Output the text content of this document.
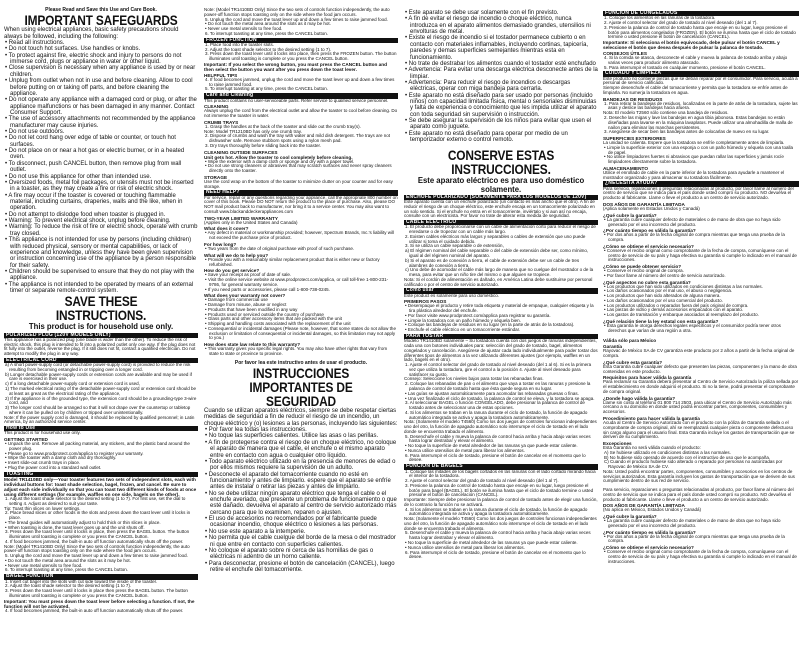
Please Read and Save this Use and Care Book.
IMPORTANT SAFEGUARDS
When using electrical appliances, basic safety precautions should always be followed, including the following:
• Read all instructions.
• Do not touch hot surfaces. Use handles or knobs.
• To protect against fire, electric shock and injury to persons do not immerse cord, plugs or appliance in water or other liquid.
• Close supervision is necessary when any appliance is used by or near children.
• Unplug from outlet when not in use and before cleaning. Allow to cool before putting on or taking off parts, and before cleaning the appliance.
• Do not operate any appliance with a damaged cord or plug, or after the appliance malfunctions or has been damaged in any manner. Contact Consumer Support.
• The use of accessory attachments not recommended by the appliance manufacturer may cause injuries.
• Do not use outdoors.
• Do not let cord hang over edge of table or counter, or touch hot surfaces.
• Do not place on or near a hot gas or electric burner, or in a heated oven.
• To disconnect, push CANCEL button, then remove plug from wall outlet.
• Do not use this appliance for other than intended use.
• Oversized foods, metal foil packages, or utensils must not be inserted in a toaster, as they may create a fire or risk of electric shock.
• A fire may occur if the toaster is covered or touching flammable material, including curtains, draperies, walls and the like, when in operation.
• Do not attempt to dislodge food when toaster is plugged in.
• Warning: To prevent electrical shock, unplug before cleaning.
• Warning: To reduce the risk of fire or electric shock, operate with crumb tray closed.
• This appliance is not intended for use by persons (including children) with reduced physical, sensory or mental capabilities, or lack of experience and knowledge, unless they have been given supervision or instruction concerning use of the appliance by a person responsible for their safety.
• Children should be supervised to ensure that they do not play with the appliance.
• The appliance is not intended to be operated by means of an external timer or separate remote-control system.
SAVE THESE INSTRUCTIONS.
This product is for household use only.
POLARIZED PLUG (120V MODELS ONLY)
This appliance has a polarized plug (one blade is wider than the other). To reduce the risk of electric shock, this plug is intended to fit into a polarized outlet only one way. If the plug does not fit fully into the outlet, reverse the plug. If it still does not fit, contact a qualified electrician. Do not attempt to modify the plug in any way.
ELECTRICAL CORD
a) A short power-supply cord (or detachable power-supply cord) is provided to reduce the risk resulting from becoming entangled in or tripping over a longer cord.
b) Longer detachable power-supply cords or extension cords are available and may be used if care is exercised in their use.
c) If a long detachable power-supply cord or extension cord is used,
1) The marked electrical rating of the detachable power-supply cord or extension cord should be at least as great as the electrical rating of the appliance,
2) If the appliance is of the grounded type, the extension cord should be a grounding-type 3-wire cord, and
3) The longer cord should be arranged so that it will not drape over the countertop or tabletop where it can be pulled on by children or tripped over unintentionally.
Note: If the power supply cord is damaged, it should be replaced by qualified personnel; in Latin America, by an authorized service center.
How to Use
This product is for household use only.
GETTING STARTED
• Unpack the unit. Remove all packing material, any stickers, and the plastic band around the power plug.
• Please go to www.prodprotect.com/applica to register your warranty.
• Wipe the toaster with a damp cloth and dry thoroughly.
• Insert slide-out crumb trays in place.
• Plug the power cord into a standard wall outlet.
TOASTING
Model TR1410BD only—Your toaster features two sets of independent slots, each with individual buttons for: toast shade selection, bagel, frozen, and cancel. Be sure to adjust each side individually so that you can toast two different kinds of foods at once using different settings (for example, waffles on one side, bagels on the other).
1. Adjust the toast shade selector to the desired setting (1 to 7). For first use, set the dial to setting 4. Adjust as desired to suit your taste.
Tip: Toast thin slices on lower settings.
2. Place bread slices or other foods in the slots and press down the toast lever until it locks in place.
• The bread guides will automatically adjust to hold thick or thin slices in place.
• When toasting is done, the toast lever goes up and the unit shuts off.
3. Press down the toast lever until it locks in place, then press the BAGEL button. The button illuminates until toasting is complete or you press the CANCEL button.
4. If food becomes jammed, the built-in auto off function automatically shuts off the power.
Note: (Model TR1410BD Only) Since the two sets of controls function independently, the auto power-off function stops toasting only on the side where the food jam occurs.
5. Unplug the cord and move the toast lever up and down a few times to raise jammed food.
• Do not touch the metal area around the slots as it may be hot.
• Never use metal utensils to free food.
6. To interrupt toasting at any time, press the CANCEL button.
BAGEL FUNCTION
1. Insert cut bagel into the slots with cut side toward the inside of the toaster.
2. Adjust the toast shade selector to the desired setting (1 to 7).
3. Press down the toast lever until it locks in place then press the BAGEL button. The button illuminates until toasting is complete or you press the CANCEL button.
Important: You must press down the toast lever before selecting a function. If not, the function will not be activated.
4. If food becomes jammed, the built-in auto off function automatically shuts off the power.
Note: (Model TR1410BD Only) Since the two sets of controls function independently, the auto power-off function stops toasting only on the side where the food jam occurs.
5. Unplug the cord and move the toast lever up and down a few times to raise jammed food.
• Do not touch the metal area around the slots as it may be hot.
• Never use metal utensils to free food.
6. To interrupt toasting at any time, press the CANCEL button.
FROZEN FUNCTION
1. Place food into the toaster slots.
2. Adjust the toast shade selector to the desired setting (1 to 7).
3. Press down the toast lever until it locks into place, then press the FROZEN button. The button illuminates until toasting is complete or you press the CANCEL button.
Important: If you select the wrong button, you must press the CANCEL button and then select the button you want after you press down the toast lever.
HELPFUL TIPS
4. If food becomes jammed, unplug the cord and move the toast lever up and down a few times to raise jammed food.
5. To interrupt toasting at any time, press the CANCEL button.
Care and Cleaning
This product contains no user-serviceable parts. Refer service to qualified service personnel.
CLEANING
Always unplug the cord from the electrical outlet and allow the toaster to cool before cleaning. Do not immerse the toaster in water.
CRUMB TRAYS
1. Grasp the handles at the back of the toaster and slide out the crumb tray(s).
Note: Model TR1210BD has only one crumb tray.
2. Dispose of crumbs and wash the tray with water and mild dish detergent. The trays are not dishwasher safe. Remove stubborn spots using a nylon mesh pad.
3. Dry trays thoroughly before sliding back into the toaster.
CLEANING OUTSIDE SURFACES
Unit gets hot. Allow the toaster to cool completely before cleaning.
• Wipe the exterior with a damp cloth or sponge and dry with a paper towel.
• Do not use strong cleaners or abrasives that may scratch surfaces and never spray cleaners directly onto the toaster.
STORAGE
Use the cord wrap on the bottom of the toaster to minimize clutter on your counter and for easy storage.
NEED HELP?
For service, repair or any questions regarding your appliance, call the appropriate 800 number on cover of this book. Please DO NOT return the product to the place of purchase. Also, please DO NOT mail product back to manufacturer, nor bring it to a service center. You may also want to consult www.blackanddeckerappliances.com
TWO-YEAR LIMITED WARRANTY
(Applies only in the United States and Canada)
What does it cover?
• Any defect in material or workmanship provided; however, Spectrum Brands, Inc.'s liability will not exceed the purchase price of product.
For how long?
• Two years from the date of original purchase with proof of such purchase.
What will we do to help you?
• Provide you with a reasonably similar replacement product that is either new or factory refurbished.
How do you get service?
• Save your receipt as proof of date of sale.
• Visit the online service website at www.prodprotect.com/applica, or call toll-free 1-800-231-9786, for general warranty service.
• If you need parts or accessories, please call 1-800-738-0245.
What does your warranty not cover?
• Damage from commercial use
• Damage from misuse, abuse or neglect
• Products that have been modified in any way
• Products used or serviced outside the country of purchase
• Glass parts and other accessory items that are packed with the unit
• Shipping and handling costs associated with the replacement of the unit
• Consequential or incidental damages (Please note, however, that some states do not allow the exclusion or limitation of consequential or incidental damages, so this limitation may not apply to you.)
How does state law relate to this warranty?
• This warranty gives you specific legal rights. You may also have other rights that vary from state to state or province to province.
Por favor lea este instructivo antes de usar el producto.
INSTRUCCIONES IMPORTANTES DE SEGURIDAD
Cuando se utilizan aparatos eléctricos, siempre se debe respetar ciertas medidas de seguridad a fin de reducir el riesgo de un incendio, un choque eléctrico y (o) lesiones a las personas, incluyendo las siguientes:
• Por favor lea todas las instrucciones.
• No toque las superficies calientes. Utilice las asas o las perillas.
• A fin de protegerse contra el riesgo de un choque eléctrico, no coloque el aparato de manera que el cable, el enchufe o el mismo aparato entre en contacto con agua o cualquier otro líquido.
• Todo aparato eléctrico utilizado en la presencia de menores de edad o por ellos mismos requiere la supervisión de un adulto.
• Desconecte el aparato del tomacorriente cuando no esté en funcionamiento y antes de limpiarlo. espere que el aparato se enfríe antes de instalar o retirar las piezas y antes de limpiarlo.
• No se debe utilizar ningún aparato eléctrico que tenga el cable o el enchufe averiado, que presente un problema de funcionamiento o que esté dañado. devuelva el aparato al centro de servicio autorizado más cercano para que lo examinen, reparen o ajusten.
• El uso de accesorios no recomendados por el fabricante puede ocasionar incendio, choque eléctrico o lesiones a las personas.
• No use este aparato a la intemperie.
• No permita que el cable cuelgue del borde de la mesa o del mostrador ni que entre en contacto con superficies calientes.
• No coloque el aparato sobre ni cerca de las hornillas de gas o eléctricas ni adentro de un horno caliente.
• Para desconectar, presione el botón de cancelación (CANCEL), luego retire el enchufe del tomacorriente.
• Este aparato se debe usar solamente con el fin previsto.
• A fin de evitar el riesgo de incendio o choque eléctrico, nunca introduzca en el aparato alimentos demasiado grandes, utensilios ni envolturas de metal.
• Existe el riesgo de incendio si el tostador permanece cubierto o en contacto con materiales inflamables, incluyendo cortinas, tapicería, paredes y demas superficies semejantes mientras esta en funcionamiento.
• No trate de destrabar los alimentos cuando el tostador esté enchufado
• Advertencia: Para evitar una descarga eléctrica desconecte antes de la limpiar.
• Advertencia: Para reducir el riesgo de incendios o descargas eléctricas, operar con miga bandeja para cerrarla.
• Este aparato no está diseñado para ser usado por personas (incluido niños) con capacidad limitada física, mental o sensoriales disminuidas y falta de experiencia o conocimiento que les impida utilizar el aparato con toda seguridad sin supervisión o instrucción.
• Se debe asegurar la supervisión de los niños para evitar que usen el aparato como juguete.
• Este aparato no está diseñado para operar por medio de un temporizador externo o control remoto.
CONSERVE ESTAS INSTRUCCIONES.
Este aparato eléctrico es para uso doméstico solamente.
ENCHUFE POLARIZADO (SOLAMENTE PARA LOS MODELOS DE 120V)
Este aparato cuenta con un enchufe polarizado (un contacto es más ancho que el otro). A fin de reducir el riesgo de un choque eléctrico, este enchufe encaja en un tomacorriente polarizado en un solo sentido. Si el enchufe no entra en el tomacorriente, inviértalo y si aun así no encaja, consulte con un electricista. Por favor no trate de alterar esta medida de seguridad.
CABLE ELÉCTRICO
1. El producto debe proporcionarse con un cable de alimentación corto para reducir el riesgo de enredarse o de tropezar con un cable más largo.
2. Existen cables eléctricos más largos y separables o cables de extensión que uno puede utilizar si toma el cuidado debido.
3. Si se utiliza un cable separable o de extensión,
a) El régimen nominal del cable separable o del cable de extensión debe ser, como mínimo, igual al del régimen nominal del aparato.
b) Si el aparato es de conexión a tierra, el cable de extensión debe ser un cable de tres alambres de conexión a tierra.
c) Uno debe de acomodar el cable más largo de manera que no cuelgue del mostrador o de la mesa, para evitar que un niño tire del mismo o que alguien se tropiece.
Nota: Si el cordón de alimentación es dañado, en América Latina debe sustituirse por personal calificado o por el centro de servicio autorizado.
Como usar
Este product es solamente para uso doméstico.
PRIMEROS PASOS
• Desempaque el producto y retire toda etiqueta y material de empaque, cualquier etiqueta y la tira plástica alrededor del enchufe.
• Por favor visite www.prodprotect.com/applica para registrar su garantía.
• Limpie la tostadora con un paño húmedo y séquela bien.
• Coloque las bandejas de residuos en su lugar (en la parte de atrás de la tostadora).
• Enchufe el cable eléctrico en un tomacorriente estándar.
PARA TOSTAR
Modelo TR1410BD solamente – Su tostadora cuenta con dos juegos de ranuras independientes, cada una con botones individuales para: selección del grado de tostado, bagel, alimentos congelados y cancelación. Asegúrese de ajustar cada lado individualmente para poder tostar dos diferentes tipos de alimentos a la vez utilizando diferentes ajustes (por ejemplo, waffles en un lado, bagels en el otro).
1. Ajuste el control selector del grado de tostado al nivel deseado (del 1 al 6). Si es la primera vez que utiliza la tostadora, gire el control a la posición 4. Ajuste al nivel deseado para satisfacer su gusto.
Consejo: Seleccione los niveles bajos para tostar las rebanadas finas.
2. Coloque las rebanadas de pan o el alimento que vaya a tostar en las ranuras y presione la palanca de control de tostado hasta que ésta quede segura en su lugar.
• Las guías se ajustan automáticamente para acomodar las rebanadas gruesas o finas.
• Una vez finalizado el ciclo de tostado, la palanca de control se eleva, y la tostadora se apaga.
3. Al seleccionar BAGEL o función CONGELADO, debe presionar la palanca de control de tostado antes de seleccionar una de estas opciones.
4. Si los alimentos se traban en la ranura durante el ciclo de tostado, la función de apagado automático integrada se activa y apaga la tostadora automáticamente.
Nota: (Solamente el modelo T4560) Como los dos juegos de controles funcionan independientes uno del otro, la función de apagado automático solo interrumpe el ciclo de tostado en el lado donde se encuentra trabado el alimento.
5. Desenchufe el cable y mueva la palanca de control hacia arriba y hacia abajo varias veces hasta lograr destrabar y elevar el alimento.
• No toque la superficie de metal alrededor de las ranuras ya que puede estar caliente.
• Nunca utilice utensilios de metal para liberar los alimentos.
6. Para interrumpir el ciclo de tostado, presione el botón de cancelar en el momento que lo desee.
FUNCIÓN DE BAGELS
1. Coloque las mitades de los bagels cortados en las ranuras con el lado cortado mirando hacia el interior de la tostadora.
2. Ajuste el control selector del grado de tostado al nivel deseado (del 1 al 7).
3. Presione la palanca de control de tostado hasta que encaje en su lugar, luego presione el botón para bagel (BAGEL). El botón se ilumina hasta que el ciclo de tostado termine o usted presione el botón de cancelación (CANCEL).
Importante: Siempre debe presionar la palanca de control de tostado antes de elegir una función, de lo contrario la función no se activará.
4. Si los alimentos se traban en la ranura durante el ciclo de tostado, la función de apagado automático integrada se activa y apaga la tostadora automáticamente.
Nota: (Solamente el modelo T4560) Como los dos juegos de controles funcionan independientes uno del otro, la función de apagado automático solo interrumpe el ciclo de tostado en el lado donde se encuentra trabado el alimento.
5. Desenchufe el cable y mueva la palanca de control hacia arriba y hacia abajo varias veces hasta lograr destrabar y elevar el alimento.
• No toque la superficie de metal alrededor de las ranuras ya que puede estar caliente.
• Nunca utilice utensilios de metal para liberar los alimentos.
6. Para interrumpir el ciclo de tostado, presione el botón de cancelar en el momento que lo desee.
FUNCIÓN DE CONGELADOS
1. Coloque los alimentos en las ranuras de la tostadora.
2. Ajuste el control selector del grado de tostado al nivel deseado (del 1 al 7).
3. Presione la palanca de control de tostado hasta que encaje en su lugar, luego presione el botón para alimentos congelados (FROZEN). El botón se ilumina hasta que el ciclo de tostado termine o usted presione el botón de cancelación (CANCEL).
Importante: Si selecciona el botón equivocado, debe pulsar el botón CANCEL y seleccione el botón que desea después de pulsar la palanca de tostado.
CONSEJOS ÚTILES
4. Si la comida se atasca, desconecte el cable y mueva la palanca de tostado arriba y abajo varias veces para producir alimento atascado.
5. Para interrumpir el tostado en cualquier momento, presione el botón CANCEL.
CUIDADO Y LIMPIEZA
Este producto no contiene piezas que se deban reparar por el consumidor. Para servicio, acuda a personal de servicio calificado.
Siempre desenchufe el cable del tomacorriente y permita que la tostadora se enfríe antes de limpiarla. No sumerja la tostadora en agua.
BANDEJAS DE RESIDUOS
1. Para retirar la bandejas de residuos, localizadas en la parte de atrás de la tostadora, sujete las asas y deslice las bandejas hacia afuera.
Nota: El modelo T2560 sólo contiene una bandeja de residuos.
2. Deseche las migas y lave las bandejas en agua tibia jabonosa. Estas bandejas no están diseñadas para lavarse en la máquina lavaplatos. Puede utilizar una almohadilla de malla de nailon para eliminar las manchas persistentes.
3. Asegúrese de secar bien las bandejas antes de colocarlas de nuevo en su lugar.
SUPERFICIES EXTERIORES
La unidad se calienta. Espere que la tostadora se enfríe completamente antes de limpiarla.
• Limpie la superficie exterior con una esponja o con un paño húmedo y séquela con una toalla de papel.
• No utilice limpiadores fuertes ni abrasivos que puedan rallar las superficies y jamás rocíe limpiadores directamente sobre la tostadora.
ALMACENAMIENTO
Utilice el enrollado de cable en la parte inferior de la tostadora para ayudarle a mantener el mostrador organizado y para almacenar su tostadora fácilmente.
¿NECESITA AYUDA?
Para servicio, reparaciones o preguntas relacionadas al producto, por favor llame al número del centro de servicio que se indica para el país donde usted compró su producto. NO devuélva el producto al fabricante. Llame o lleve el producto a un centro de servicio autorizado.
DOS AÑOS DE GARANTÍA LIMITADA
(Aplica solamente en Estados Unidos y Canadá)
¿Qué cubre la garantía?
• La garantía cubre cualquier defecto de materiales o de mano de obra que no haya sido generado por el uso incorrecto del producto.
¿Por cuánto tiempo es válida la garantía?
• Por dos años a partir de la fecha original de compra mientras que tenga una prueba de la compra.
¿Cómo se obtiene el servicio necesario?
• Conserve el recibo original como comprobante de la fecha de compra, comuníquese con el centro de servicio de su país y haga efectiva su garantía si cumple lo indicado en el manual de instrucciones.
¿Cómo se puede obtener servicio?
• Conserve el recibo original de compra.
• Por favor llame al número del centro de servicio autorizado.
¿Qué aspectos no cubre esta garantía?
• Los productos que han sido utilizados en condiciones distintas a las normales.
• Los daños ocasionados por el mal uso, el abuso o negligencia.
• Los productos que han sido alterados de alguna manera.
• Los daños ocasionados por el uso comercial del producto.
• Los productos utilizados o reparados fuera del país original de compra.
• Las piezas de vidrio y demás accesorios empacados con el aparato.
• Los gastos de tramitación y embarque asociados al reemplazo del producto.
¿Qué relación tiene la ley estatal con esta garantía?
• Esta garantía le otorga derechos legales específicos y el consumidor podría tener otros derechos que varían de una región a otra.
Válida sólo para México
Garantía
Rayovac de México SA de CV garantiza este producto por 2 años a partir de la fecha original de compra.
¿Qué cubre esta garantía?
Esta Garantía cubre cualquier defecto que presenten las piezas, componentes y la mano de obra contenidas en este producto.
Requisitos para hacer válida la garantía
Para reclamar su Garantía deberá presentar al Centro de Servicio Autorizado la póliza sellada por el establecimiento en donde adquirió el producto. Si no la tiene, podrá presentar el comprobante de compra original.
¿Donde hago válida la garantía?
Llame sin costo al teléfono 01 800 714 2503, para ubicar el Centro de Servicio Autorizado más cercano a su domicilio en donde usted podrá encontrar partes, componentes, consumibles y accesorios.
Procedimiento para hacer válida la garantía
Acuda al Centro de Servicio Autorizado con el producto con la póliza de Garantía sellada o el comprobante de compra original, ahí se reemplazará cualquier pieza o componente defectuoso sin cargo alguno para el usuario final. Esta Garantía incluye los gastos de transportación que se deriven de su cumplimiento.
Excepciones
Esta Garantía no será válida cuando el producto:
A) Se hubiese utilizado en condiciones distintas a las normales.
B) No hubiese sido operado de acuerdo con el instructivo de uso que le acompaña.
C) Cuando el producto hubiese sido alterado o reparado por personas no autorizadas por Rayovac de México SA de CV.
Nota: Usted podrá encontrar partes, componentes, consumibles y accesorios en los centros de servicios autorizados. Esta garantía incluyen los gastos de transportación que se deriven de sus cumplimiento dentro de sus red de servicio.
Para servicio, reparaciones o preguntas relacionadas al producto, por favor llame al número del centro de servicio que se indica para el país donde usted compró su producto. NO devuélva el producto al fabricante. Llame o lleve el producto a un centro de servicio autorizado.
DOS AÑOS DE GARANTÍA LIMITADA
(No aplica en México, Estados Unidos y Canadá)
¿Qué cubre la garantía?
• La garantía cubre cualquier defecto de materiales o de mano de obra que no haya sido generado por el uso incorrecto del producto.
¿Por cuánto tiempo es válida la garantía?
• Por dos años a partir de la fecha original de compra mientras que tenga una prueba de la compra.
¿Cómo se obtiene el servicio necesario?
• Conserve el recibo original como comprobante de la fecha de compra, comuníquese con el centro de servicio de su país y haga efectiva su garantía si cumple lo indicado en el manual de instrucciones.
